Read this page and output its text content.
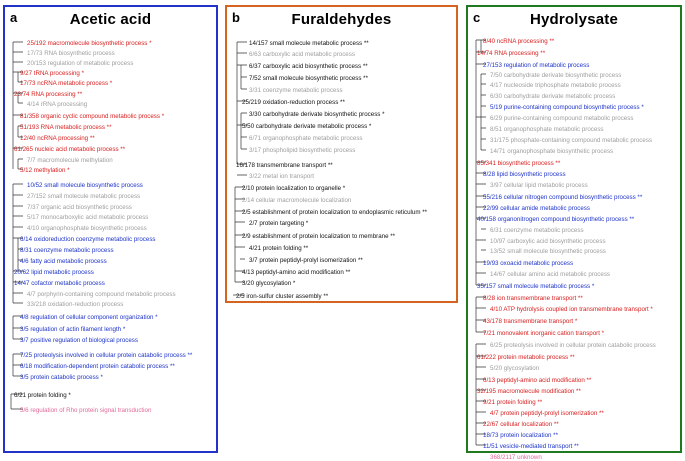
a	Acetic acid
25/192 macromolecule biosynthetic process *
17/73 RNA biosynthetic process
20/153 regulation of metabolic process
9/27 tRNA processing *
17/73 ncRNA metabolic process *
23/74 RNA processing **
4/14 rRNA processing
81/358 organic cyclic compound metabolic process *
51/193 RNA metabolic process **
12/40 ncRNA processing **
61/265 nucleic acid metabolic process **
7/7 macromolecule methylation
5/12 methylation *
10/52 small molecule biosynthetic process
27/152 small molecule metabolic process
7/37 organic acid biosynthetic process
5/17 monocarboxylic acid metabolic process
4/10 organophosphate biosynthetic process
6/14 oxidoreduction coenzyme metabolic process
8/31 coenzyme metabolic process
4/6 fatty acid metabolic process
20/62 lipid metabolic process
14/47 cofactor metabolic process
4/7 porphyrin-containing compound metabolic process
33/218 oxidation-reduction process
4/8 regulation of cellular component organization *
3/5 regulation of actin filament length *
3/7 positive regulation of biological process
7/25 proteolysis involved in cellular protein catabolic process **
6/18 modification-dependent protein catabolic process **
3/5 protein catabolic process *
6/21 protein folding *
5/6 regulation of Rho protein signal transduction
b	Furaldehydes
14/157 small molecule metabolic process **
6/63 carboxylic acid metabolic process
6/37 carboxylic acid biosynthetic process **
7/52 small molecule biosynthetic process **
3/31 coenzyme metabolic process
25/219 oxidation-reduction process **
3/30 carbohydrate derivate biosynthetic process *
5/50 carbohydrate derivate metabolic process *
6/71 organophosphate metabolic process
3/17 phospholipid biosynthetic process
16/178 transmembrane transport **
3/22 metal ion transport
2/10 protein localization to organelle *
2/14 cellular macromolecule localization
2/5 establishment of protein localization to endoplasmic reticulum **
2/7 protein targeting *
2/9 establishment of protein localization to membrane **
4/21 protein folding **
3/7 protein peptidyl-prolyl isomerization **
4/13 peptidyl-amino acid modification **
3/20 glycosylation *
2/5 iron-sulfur cluster assembly **
c	Hydrolysate
8/40 ncRNA processing **
14/74 RNA processing **
27/153 regulation of metabolic process
7/50 carbohydrate derivate biosynthetic process
4/17 nucleoside triphosphate metabolic process
6/30 carbohydrate derivate metabolic process
5/19 purine-containing compound biosynthetic process *
6/29 purine-containing compound metabolic process
8/51 organophosphate metabolic process
31/175 phosphate-containing compound metabolic process
14/71 organophosphate biosynthetic process
85/341 biosynthetic process **
8/28 lipid biosynthetic process
3/97 cellular lipid metabolic process
55/216 cellular nitrogen compound biosynthetic process **
22/99 cellular amide metabolic process
40/158 organonitrogen compound biosynthetic process **
6/31 coenzyme metabolic process
10/97 carboxylic acid biosynthetic process
13/52 small molecule biosynthetic process
19/93 oxoacid metabolic process
14/67 cellular amino acid metabolic process
35/157 small molecule metabolic process *
8/28 ion transmembrane transport **
4/10 ATP hydrolysis coupled ion transmembrane transport *
43/178 transmembrane transport *
7/21 monovalent inorganic cation transport *
6/25 proteolysis involved in cellular protein catabolic process
61/222 protein metabolic process **
5/20 glycosylation
6/13 peptidyl-amino acid modification **
32/195 macromolecule modification **
9/21 protein folding **
4/7 protein peptidyl-prolyl isomerization **
22/67 cellular localization **
18/73 protein localization **
11/51 vesicle-mediated transport **
368/2117 unknown
